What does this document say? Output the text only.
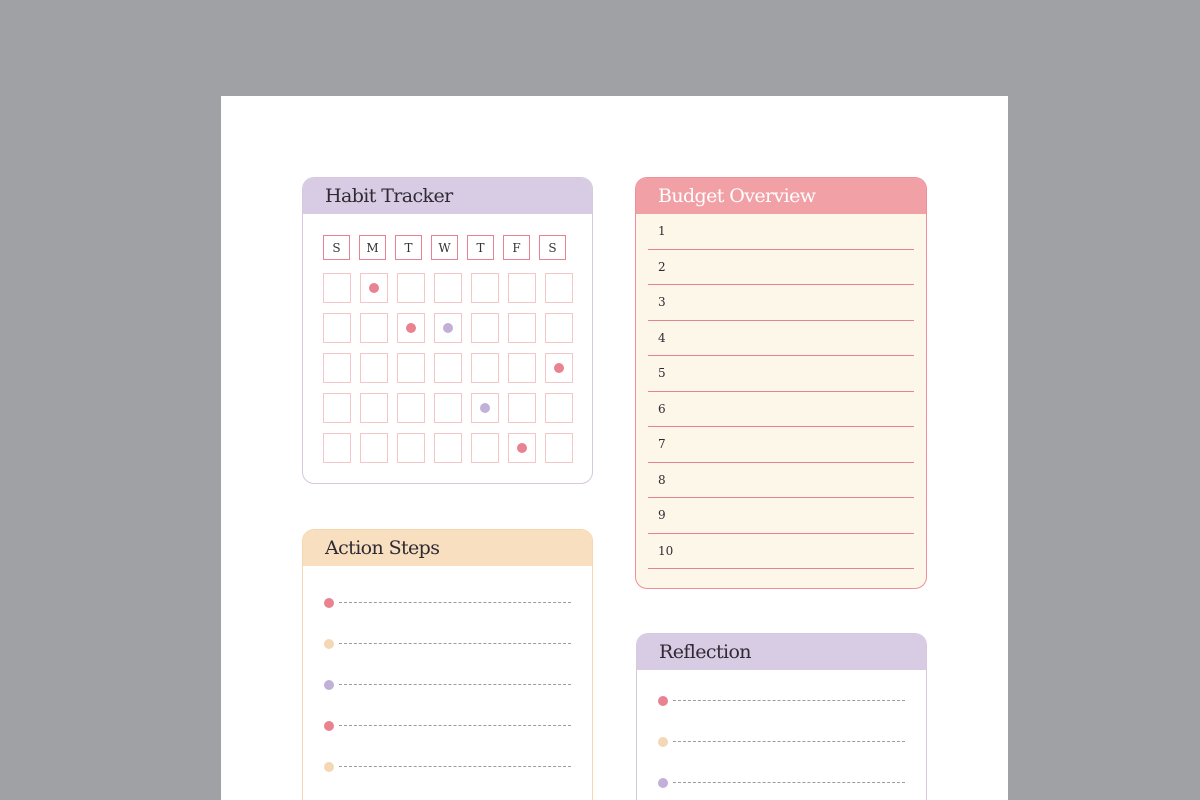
Habit Tracker
S	M	T	W	T	F	S
Budget Overview
1
2
3
4
5
6
7
8
9
10
Action Steps
Reflection
